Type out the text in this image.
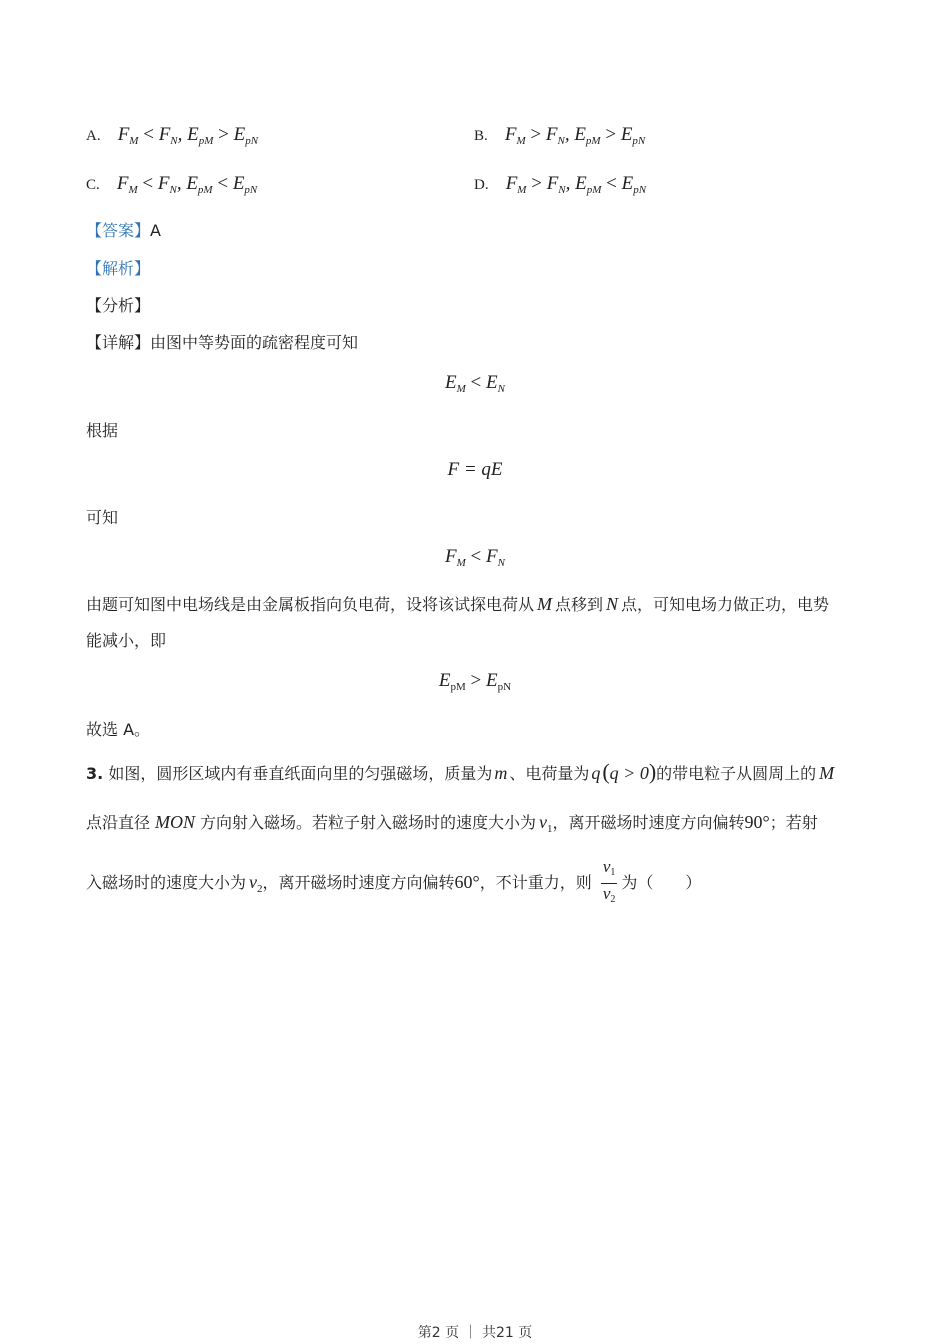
A. $F_M < F_N$, $E_{pM} > E_{pN}$	B. $F_M > F_N$, $E_{pM} > E_{pN}$
C. $F_M < F_N$, $E_{pM} < E_{pN}$	D. $F_M > F_N$, $E_{pM} < E_{pN}$
【答案】A
【解析】
【分析】
【详解】由图中等势面的疏密程度可知
$E_M < E_N$
根据
F = qE
可知
$F_M < F_N$
由题可知图中电场线是由金属板指向负电荷，设将该试探电荷从 M 点移到 N 点，可知电场力做正功，电势
能减小，即
$E_{pM} > E_{pN}$
故选 A。
3. 如图，圆形区域内有垂直纸面向里的匀强磁场，质量为 m 、电荷量为 q(q > 0)的带电粒子从圆周上的 M
点沿直径 MON 方向射入磁场。若粒子射入磁场时的速度大小为 $v_1$，离开磁场时速度方向偏转90°；若射
入磁场时的速度大小为 $v_2$，离开磁场时速度方向偏转60°，不计重力，则 $\frac{v_1}{v_2}$ 为（　　）
第2 页 ｜ 共21 页
